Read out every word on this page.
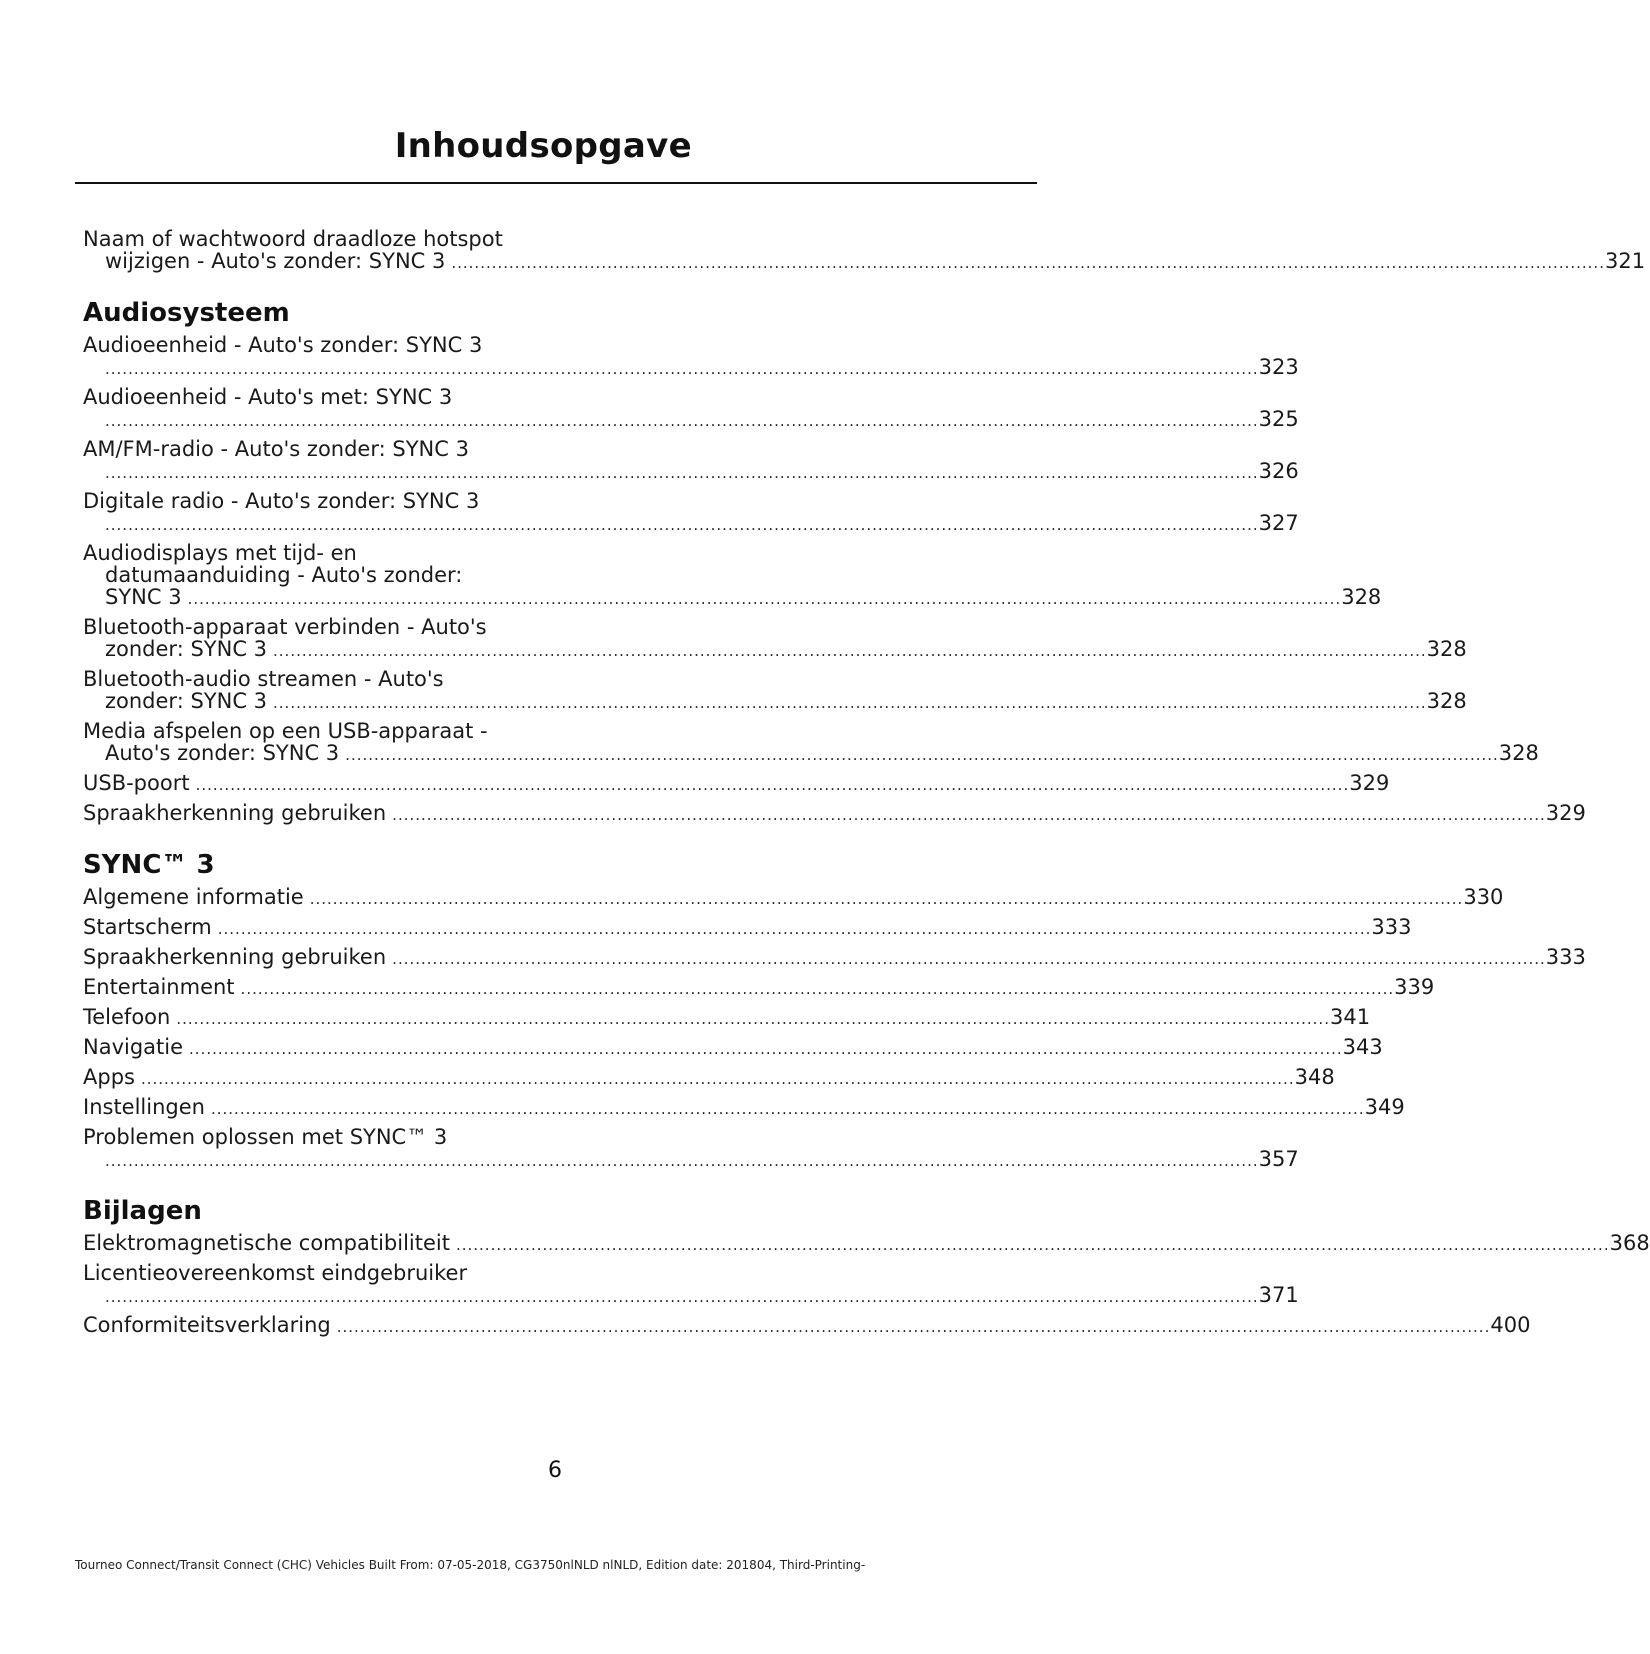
Inhoudsopgave
Naam of wachtwoord draadloze hotspot
wijzigen - Auto's zonder: SYNC 3 ........................................................................................................................................................................................................ 321
Audiosysteem
Audioeenheid - Auto's zonder: SYNC 3
........................................................................................................................................................................................................ 323
Audioeenheid - Auto's met: SYNC 3
........................................................................................................................................................................................................ 325
AM/FM-radio - Auto's zonder: SYNC 3
........................................................................................................................................................................................................ 326
Digitale radio - Auto's zonder: SYNC 3
........................................................................................................................................................................................................ 327
Audiodisplays met tijd- en
datumaanduiding - Auto's zonder:
SYNC 3 ........................................................................................................................................................................................................ 328
Bluetooth-apparaat verbinden - Auto's
zonder: SYNC 3 ........................................................................................................................................................................................................ 328
Bluetooth-audio streamen - Auto's
zonder: SYNC 3 ........................................................................................................................................................................................................ 328
Media afspelen op een USB-apparaat -
Auto's zonder: SYNC 3 ........................................................................................................................................................................................................ 328
USB-poort ........................................................................................................................................................................................................ 329
Spraakherkenning gebruiken ........................................................................................................................................................................................................ 329
SYNC™ 3
Algemene informatie ........................................................................................................................................................................................................ 330
Startscherm ........................................................................................................................................................................................................ 333
Spraakherkenning gebruiken ........................................................................................................................................................................................................ 333
Entertainment ........................................................................................................................................................................................................ 339
Telefoon ........................................................................................................................................................................................................ 341
Navigatie ........................................................................................................................................................................................................ 343
Apps ........................................................................................................................................................................................................ 348
Instellingen ........................................................................................................................................................................................................ 349
Problemen oplossen met SYNC™ 3
........................................................................................................................................................................................................ 357
Bijlagen
Elektromagnetische compatibiliteit ........................................................................................................................................................................................................ 368
Licentieovereenkomst eindgebruiker
........................................................................................................................................................................................................ 371
Conformiteitsverklaring ........................................................................................................................................................................................................ 400
6
Tourneo Connect/Transit Connect (CHC) Vehicles Built From: 07-05-2018, CG3750nlNLD nlNLD, Edition date: 201804, Third-Printing-
